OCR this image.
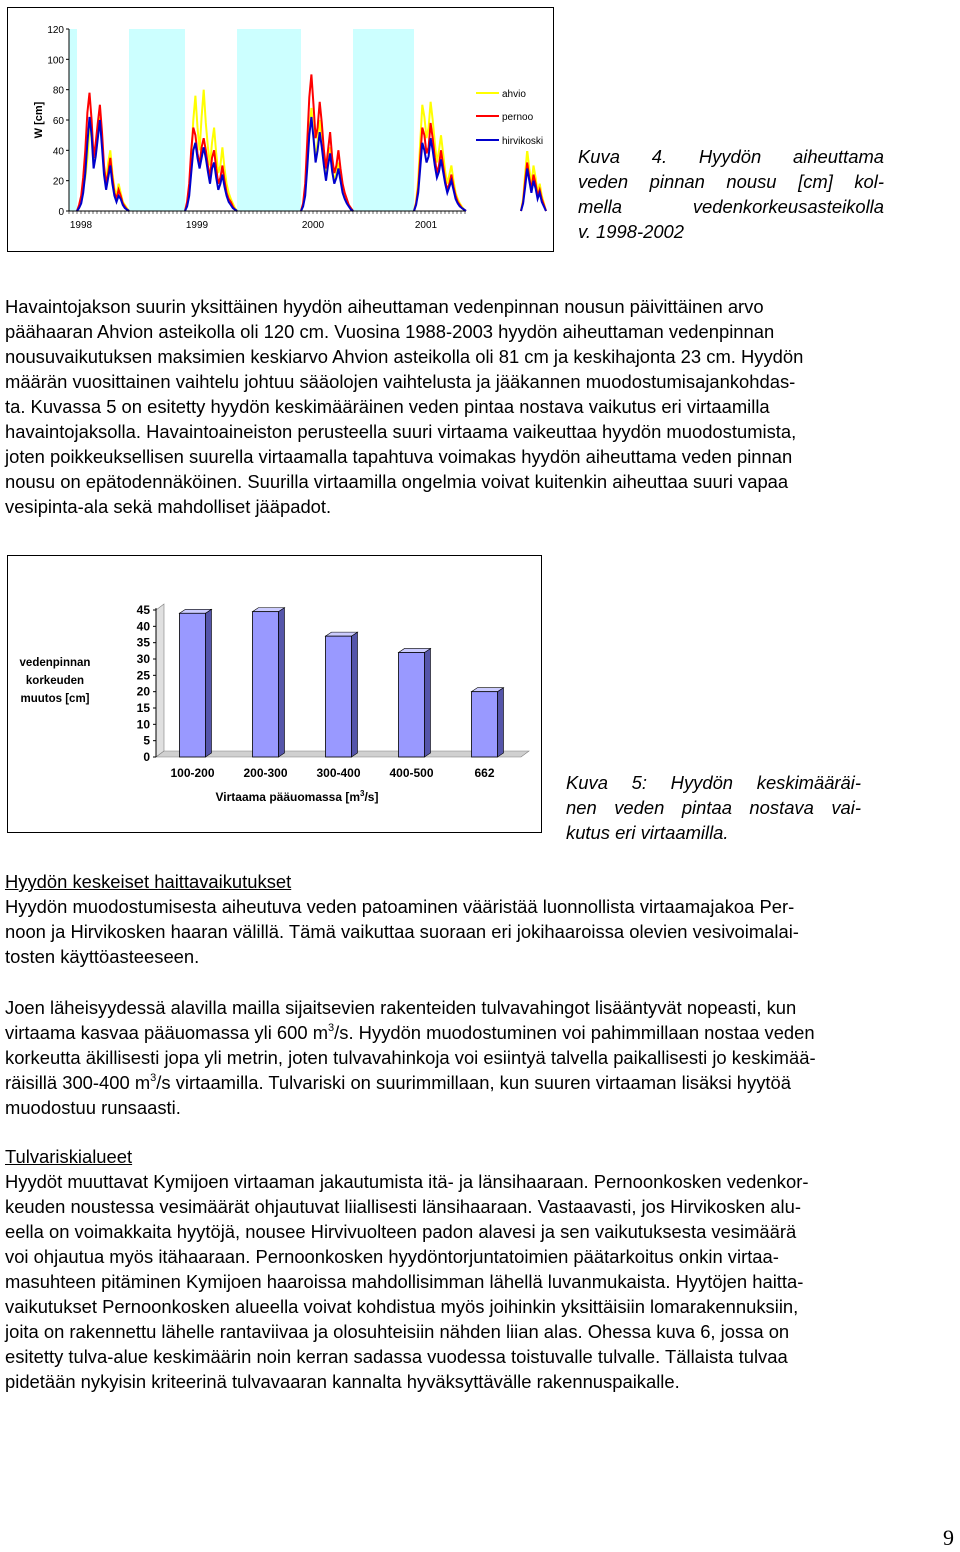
120
100
80
60
40
20
0
1998	1999	2000	2001
W [cm]
ahvio
pernoo
hirvikoski
Kuva 4. Hyydön aiheuttama
veden pinnan nousu [cm] kol-
mella vedenkorkeusasteikolla
v. 1998-2002
Havaintojakson suurin yksittäinen hyydön aiheuttaman vedenpinnan nousun päivittäinen arvo
päähaaran Ahvion asteikolla oli 120 cm. Vuosina 1988-2003 hyydön aiheuttaman vedenpinnan
nousuvaikutuksen maksimien keskiarvo Ahvion asteikolla oli 81 cm ja keskihajonta 23 cm. Hyydön
määrän vuosittainen vaihtelu johtuu sääolojen vaihtelusta ja jääkannen muodostumisajankohdas-
ta. Kuvassa 5 on esitetty hyydön keskimääräinen veden pintaa nostava vaikutus eri virtaamilla
havaintojaksolla. Havaintoaineiston perusteella suuri virtaama vaikeuttaa hyydön muodostumista,
joten poikkeuksellisen suurella virtaamalla tapahtuva voimakas hyydön aiheuttama veden pinnan
nousu on epätodennäköinen. Suurilla virtaamilla ongelmia voivat kuitenkin aiheuttaa suuri vapaa
vesipinta-ala sekä mahdolliset jääpadot.
vedenpinnan korkeuden muutos [cm]
100-200 200-300 300-400 400-500	662
45
40
35
30
25
20
15
10
5
0
Virtaama pääuomassa $[m^3/s]$
Kuva 5: Hyydön keskimääräi-
nen veden pintaa nostava vai-
kutus eri virtaamilla.
Hyydön keskeiset haittavaikutukset
Hyydön muodostumisesta aiheutuva veden patoaminen vääristää luonnollista virtaamajakoa Per-
noon ja Hirvikosken haaran välillä. Tämä vaikuttaa suoraan eri jokihaaroissa olevien vesivoimalai-
tosten käyttöasteeseen.
Joen läheisyydessä alavilla mailla sijaitsevien rakenteiden tulvavahingot lisääntyvät nopeasti, kun
virtaama kasvaa pääuomassa yli 600 $m^3/s$. Hyydön muodostuminen voi pahimmillaan nostaa veden
korkeutta äkillisesti jopa yli metrin, joten tulvavahinkoja voi esiintyä talvella paikallisesti jo keskimää-
räisillä 300-400 $m^3/s$ virtaamilla. Tulvariski on suurimmillaan, kun suuren virtaaman lisäksi hyytöä
muodostuu runsaasti.
Tulvariskialueet
Hyydöt muuttavat Kymijoen virtaaman jakautumista itä- ja länsihaaraan. Pernoonkosken vedenkor-
keuden noustessa vesimäärät ohjautuvat liiallisesti länsihaaraan. Vastaavasti, jos Hirvikosken alu-
eella on voimakkaita hyytöjä, nousee Hirvivuolteen padon alavesi ja sen vaikutuksesta vesimäärä
voi ohjautua myös itähaaraan. Pernoonkosken hyydöntorjuntatoimien päätarkoitus onkin virtaa-
masuhteen pitäminen Kymijoen haaroissa mahdollisimman lähellä luvanmukaista. Hyytöjen haitta-
vaikutukset Pernoonkosken alueella voivat kohdistua myös joihinkin yksittäisiin lomarakennuksiin,
joita on rakennettu lähelle rantaviivaa ja olosuhteisiin nähden liian alas. Ohessa kuva 6, jossa on
esitetty tulva-alue keskimäärin noin kerran sadassa vuodessa toistuvalle tulvalle. Tällaista tulvaa
pidetään nykyisin kriteerinä tulvavaaran kannalta hyväksyttävälle rakennuspaikalle.
9
